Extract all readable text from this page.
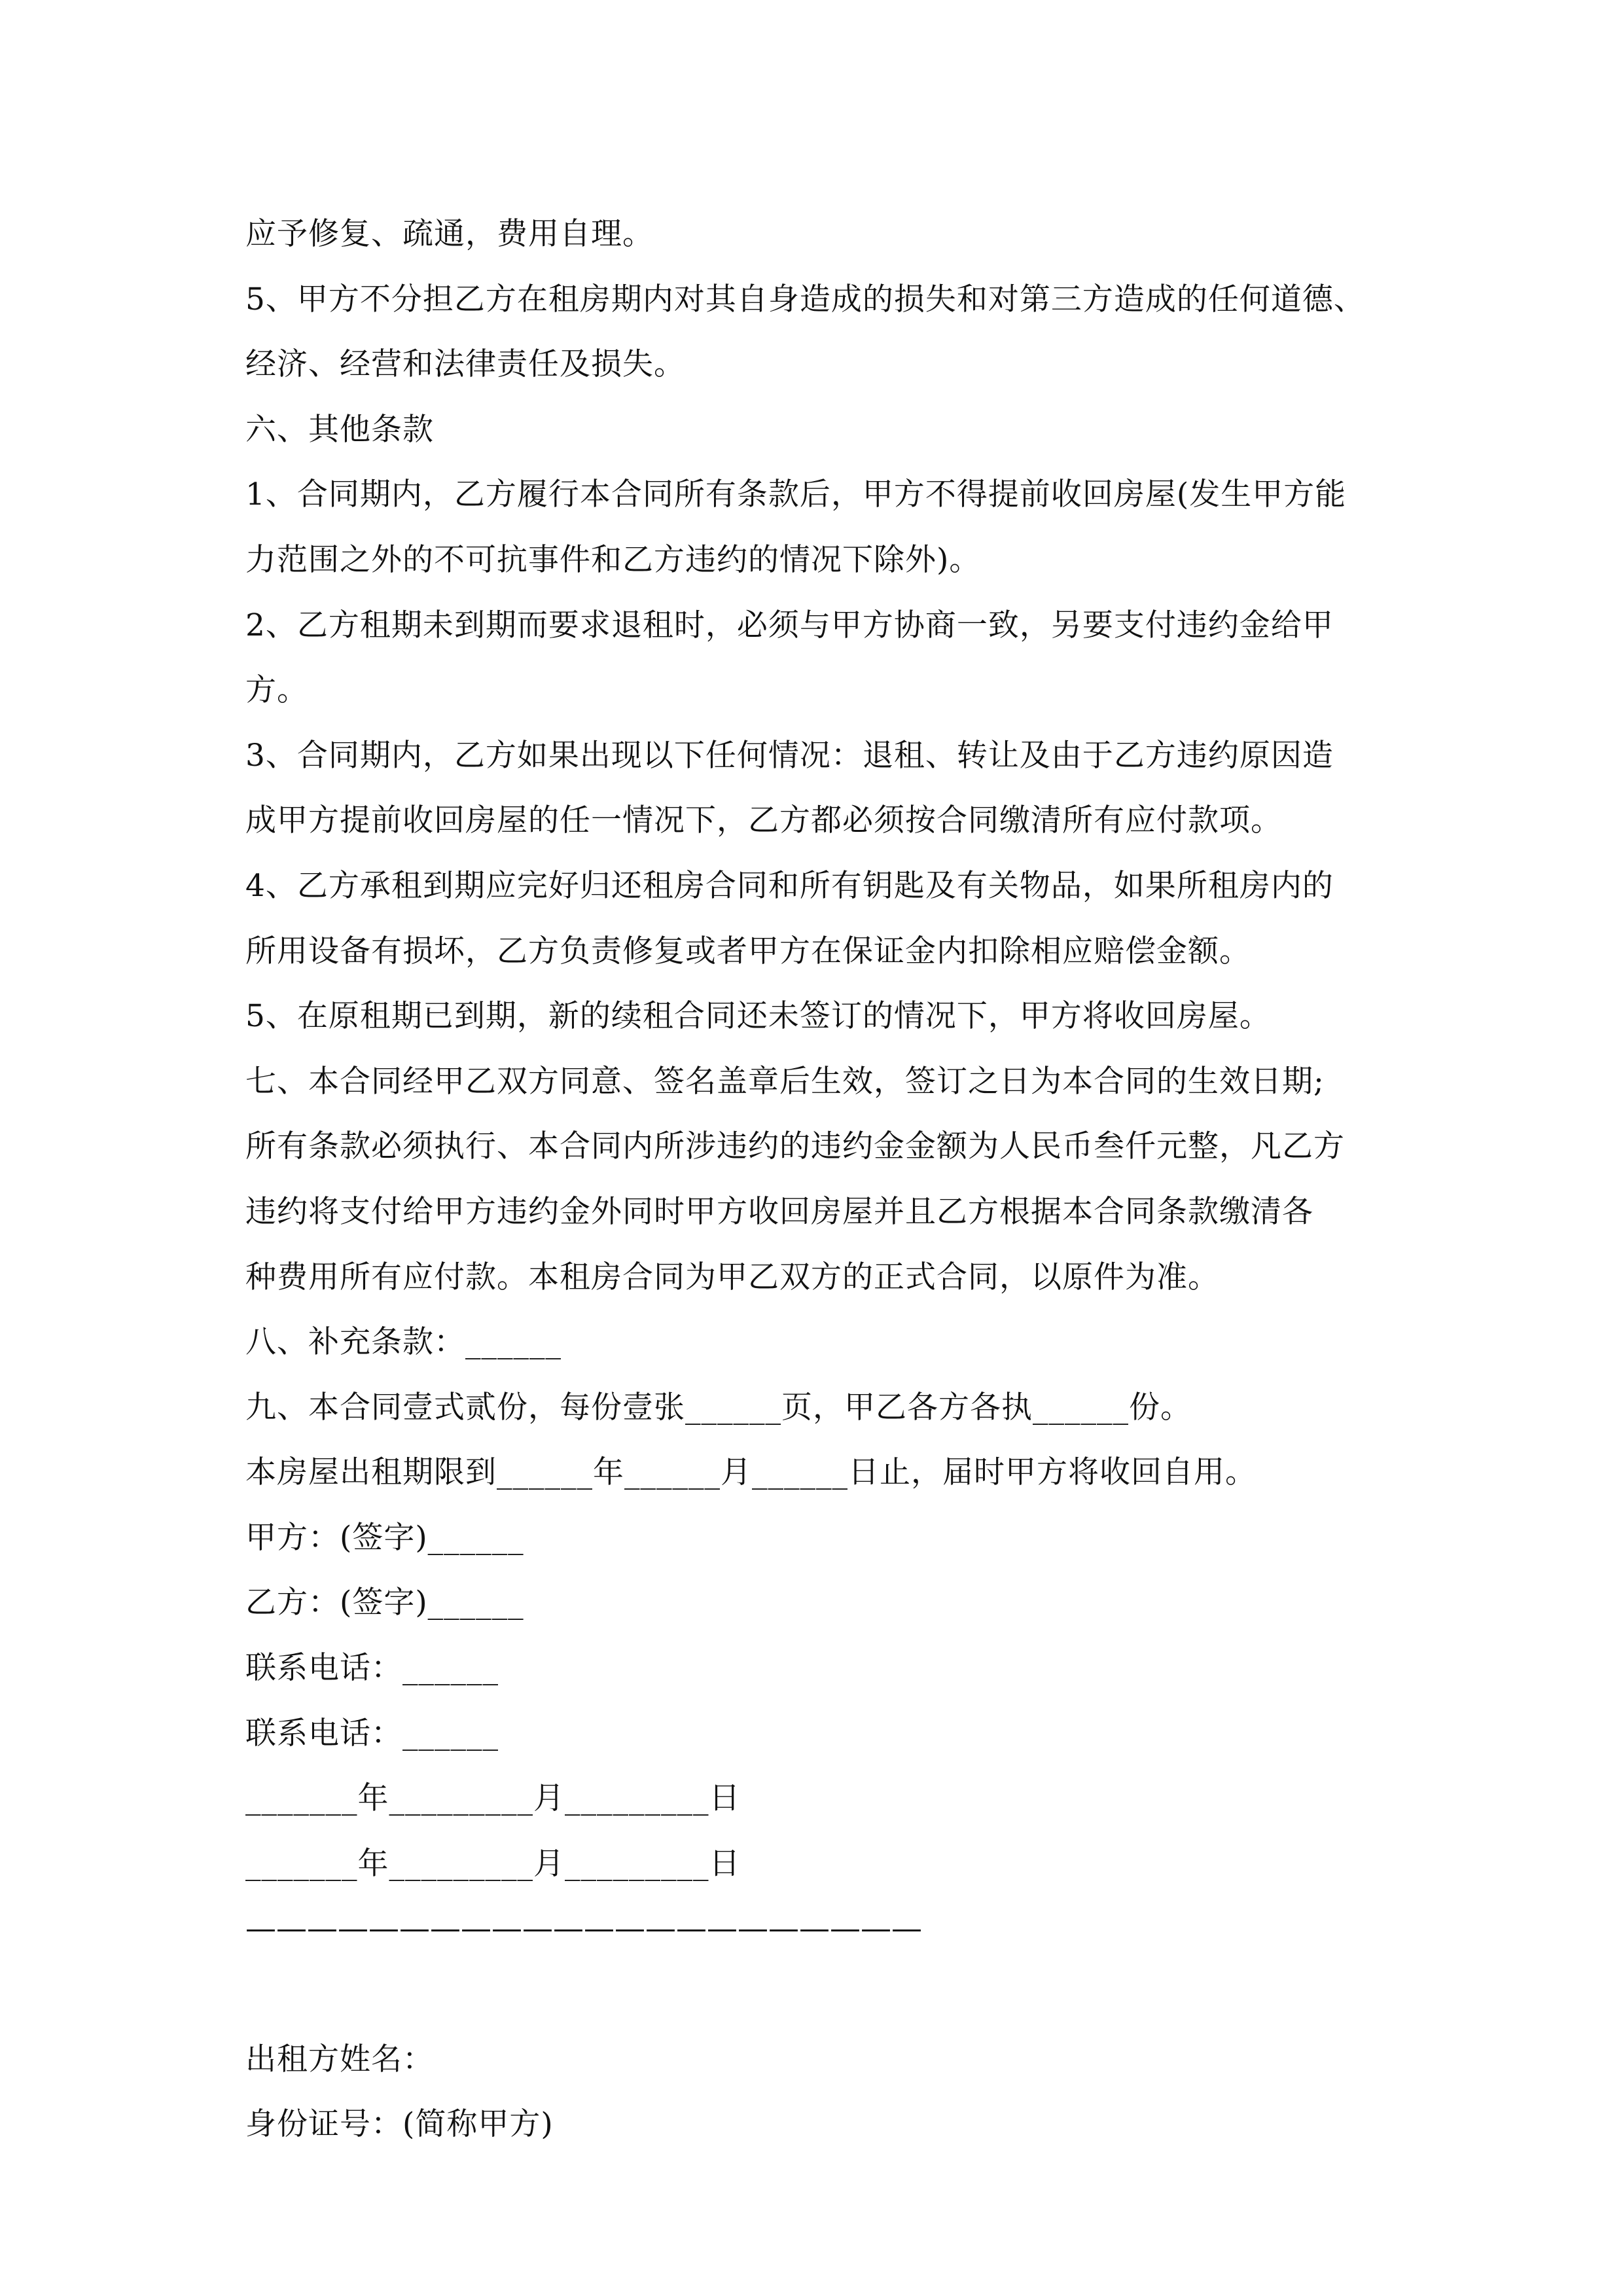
应予修复、疏通，费用自理。
5、甲方不分担乙方在租房期内对其自身造成的损失和对第三方造成的任何道德、
经济、经营和法律责任及损失。
六、其他条款
1、合同期内，乙方履行本合同所有条款后，甲方不得提前收回房屋(发生甲方能
力范围之外的不可抗事件和乙方违约的情况下除外)。
2、乙方租期未到期而要求退租时，必须与甲方协商一致，另要支付违约金给甲
方。
3、合同期内，乙方如果出现以下任何情况：退租、转让及由于乙方违约原因造
成甲方提前收回房屋的任一情况下，乙方都必须按合同缴清所有应付款项。
4、乙方承租到期应完好归还租房合同和所有钥匙及有关物品，如果所租房内的
所用设备有损坏，乙方负责修复或者甲方在保证金内扣除相应赔偿金额。
5、在原租期已到期，新的续租合同还未签订的情况下，甲方将收回房屋。
七、本合同经甲乙双方同意、签名盖章后生效，签订之日为本合同的生效日期;
所有条款必须执行、本合同内所涉违约的违约金金额为人民币叁仟元整，凡乙方
违约将支付给甲方违约金外同时甲方收回房屋并且乙方根据本合同条款缴清各
种费用所有应付款。本租房合同为甲乙双方的正式合同，以原件为准。
八、补充条款：______
九、本合同壹式贰份，每份壹张______页，甲乙各方各执______份。
本房屋出租期限到______年______月______日止，届时甲方将收回自用。
甲方：(签字)______
乙方：(签字)______
联系电话：______
联系电话：______
_______年_________月_________日
_______年_________月_________日
——————————————————————
出租方姓名：
身份证号：(简称甲方)
